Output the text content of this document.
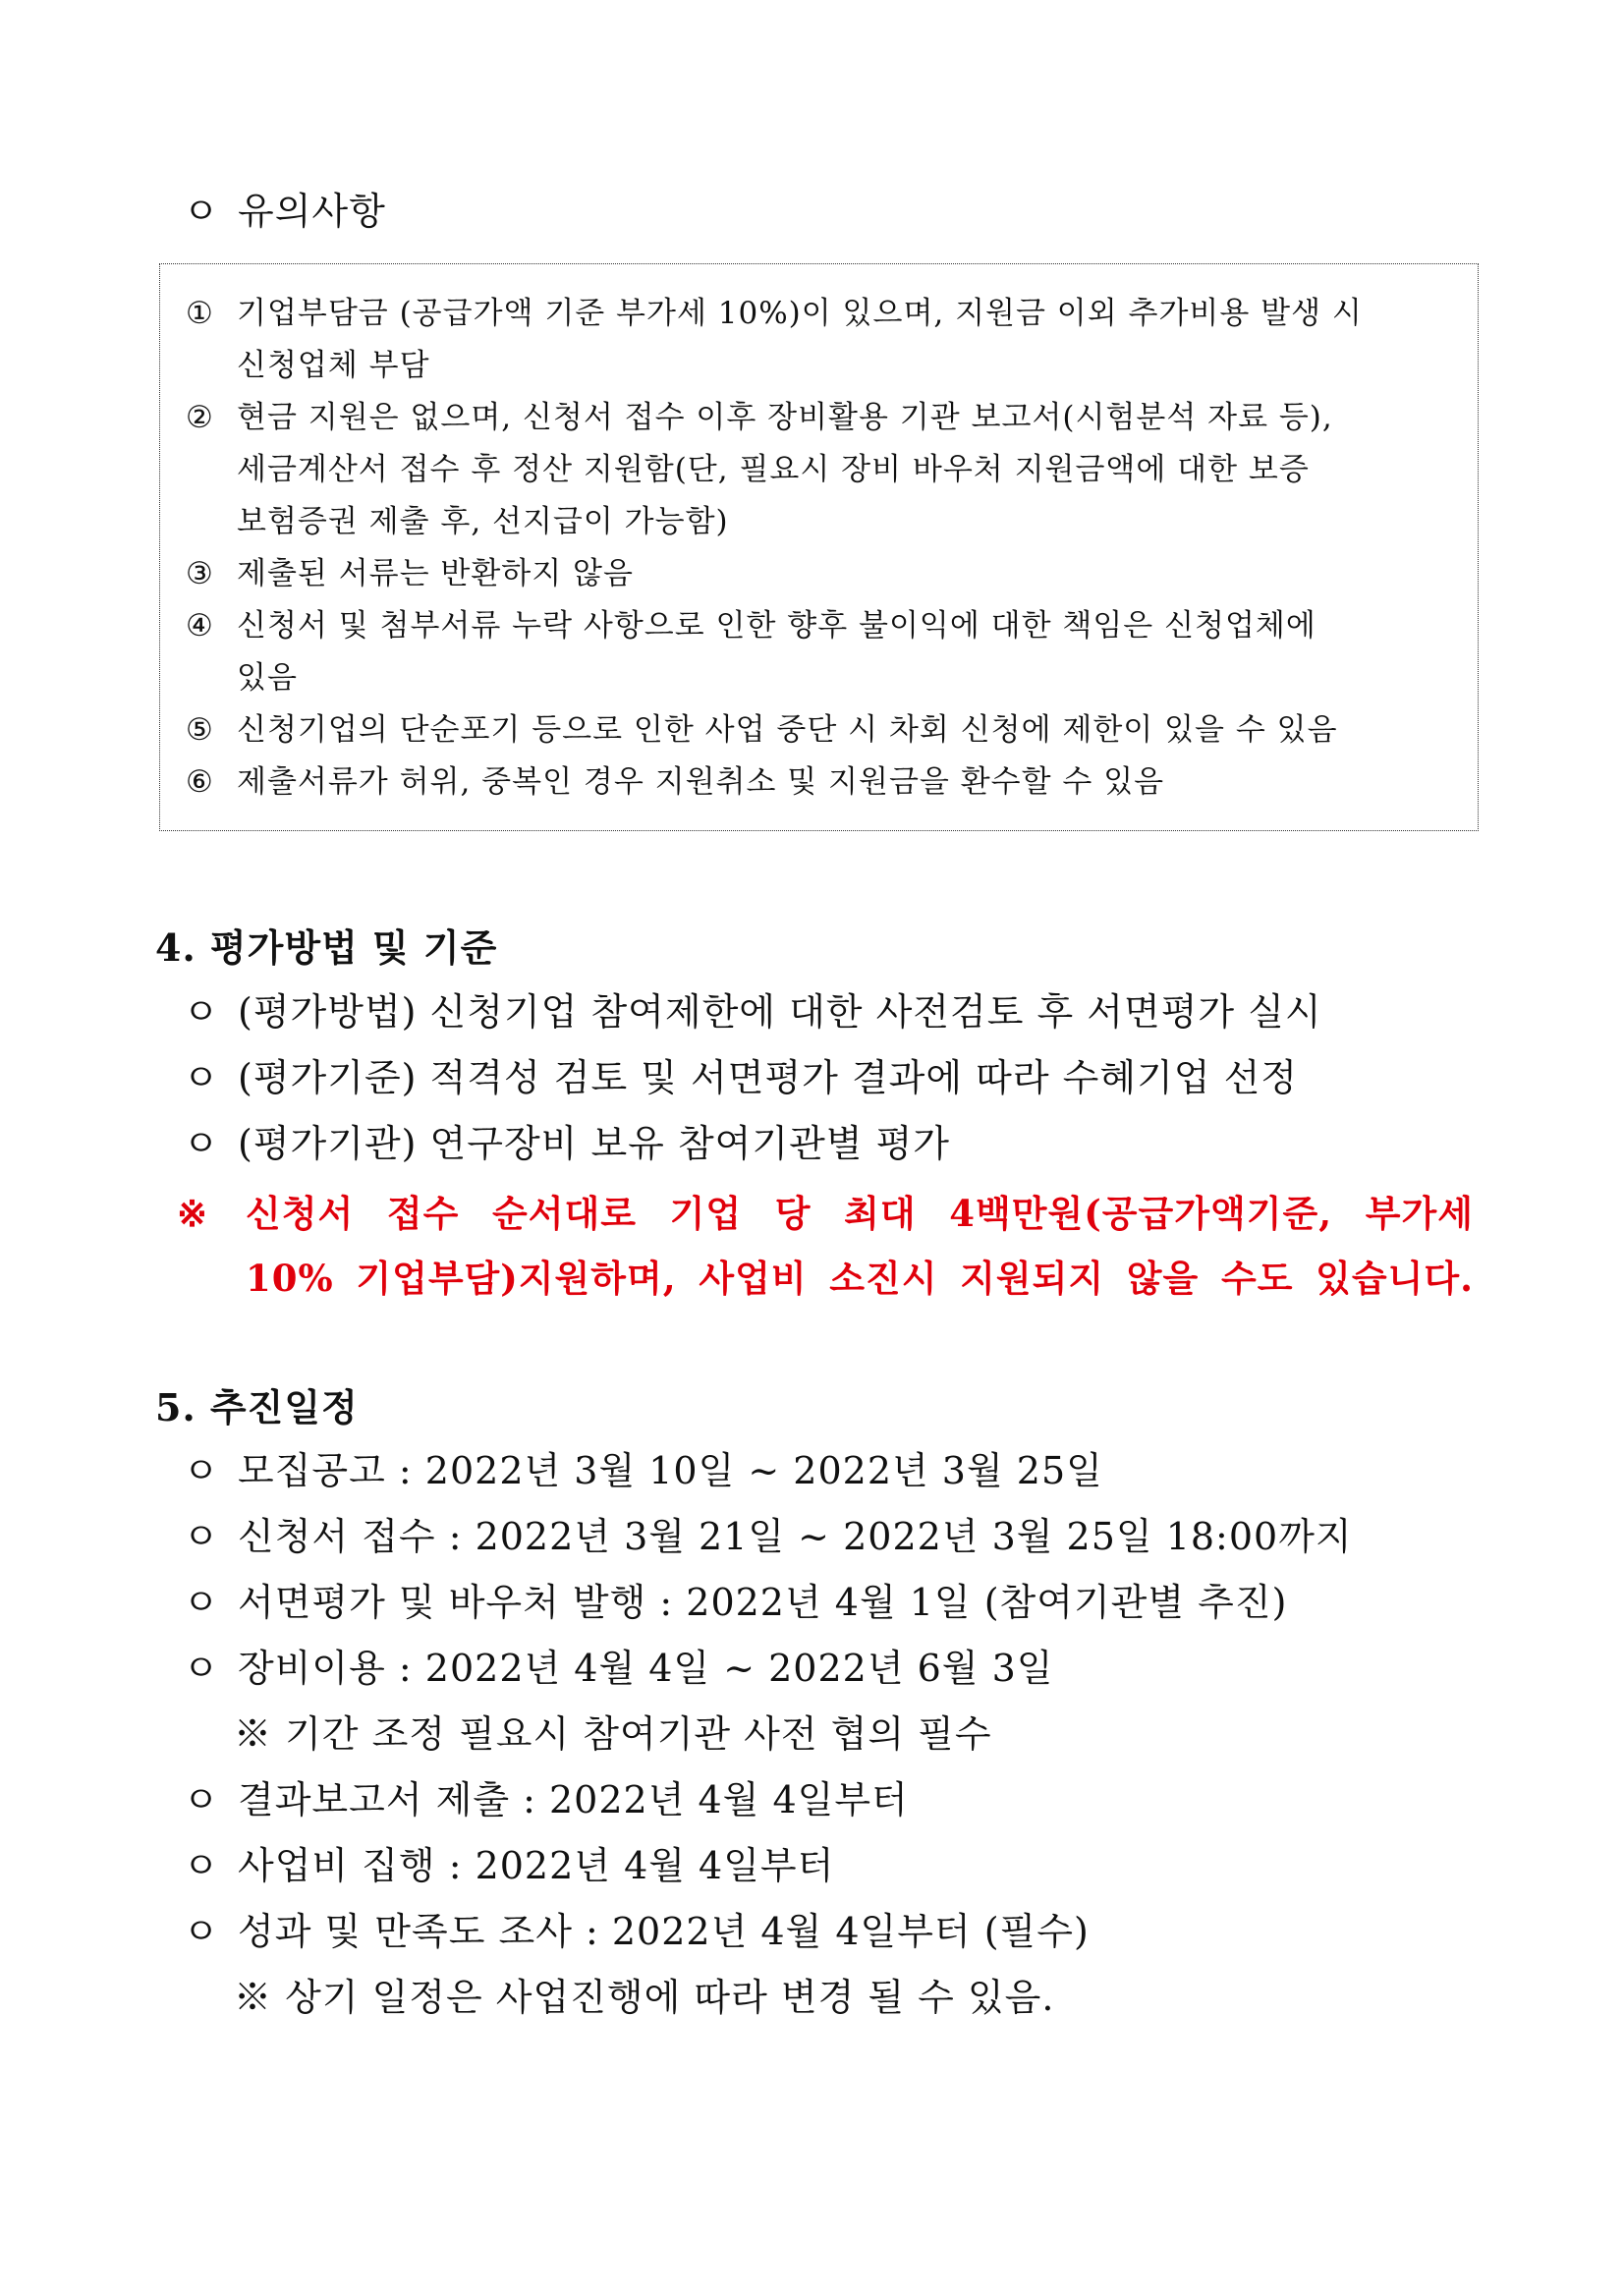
ㅇ 유의사항
① 기업부담금 (공급가액 기준 부가세 10%)이 있으며, 지원금 이외 추가비용 발생 시
신청업체 부담
② 현금 지원은 없으며, 신청서 접수 이후 장비활용 기관 보고서(시험분석 자료 등),
세금계산서 접수 후 정산 지원함(단, 필요시 장비 바우처 지원금액에 대한 보증
보험증권 제출 후, 선지급이 가능함)
③ 제출된 서류는 반환하지 않음
④ 신청서 및 첨부서류 누락 사항으로 인한 향후 불이익에 대한 책임은 신청업체에
있음
⑤ 신청기업의 단순포기 등으로 인한 사업 중단 시 차회 신청에 제한이 있을 수 있음
⑥ 제출서류가 허위, 중복인 경우 지원취소 및 지원금을 환수할 수 있음
4. 평가방법 및 기준
ㅇ (평가방법) 신청기업 참여제한에 대한 사전검토 후 서면평가 실시
ㅇ (평가기준) 적격성 검토 및 서면평가 결과에 따라 수혜기업 선정
ㅇ (평가기관) 연구장비 보유 참여기관별 평가
※	신청서 접수 순서대로 기업 당 최대 4백만원(공급가액기준, 부가세
10% 기업부담)지원하며, 사업비 소진시 지원되지 않을 수도 있습니다.
5. 추진일정
ㅇ 모집공고 : 2022년 3월 10일 ~ 2022년 3월 25일
ㅇ 신청서 접수 : 2022년 3월 21일 ~ 2022년 3월 25일 18:00까지
ㅇ 서면평가 및 바우처 발행 : 2022년 4월 1일 (참여기관별 추진)
ㅇ 장비이용 : 2022년 4월 4일 ~ 2022년 6월 3일
※ 기간 조정 필요시 참여기관 사전 협의 필수
ㅇ 결과보고서 제출 : 2022년 4월 4일부터
ㅇ 사업비 집행 : 2022년 4월 4일부터
ㅇ 성과 및 만족도 조사 : 2022년 4월 4일부터 (필수)
※ 상기 일정은 사업진행에 따라 변경 될 수 있음.
